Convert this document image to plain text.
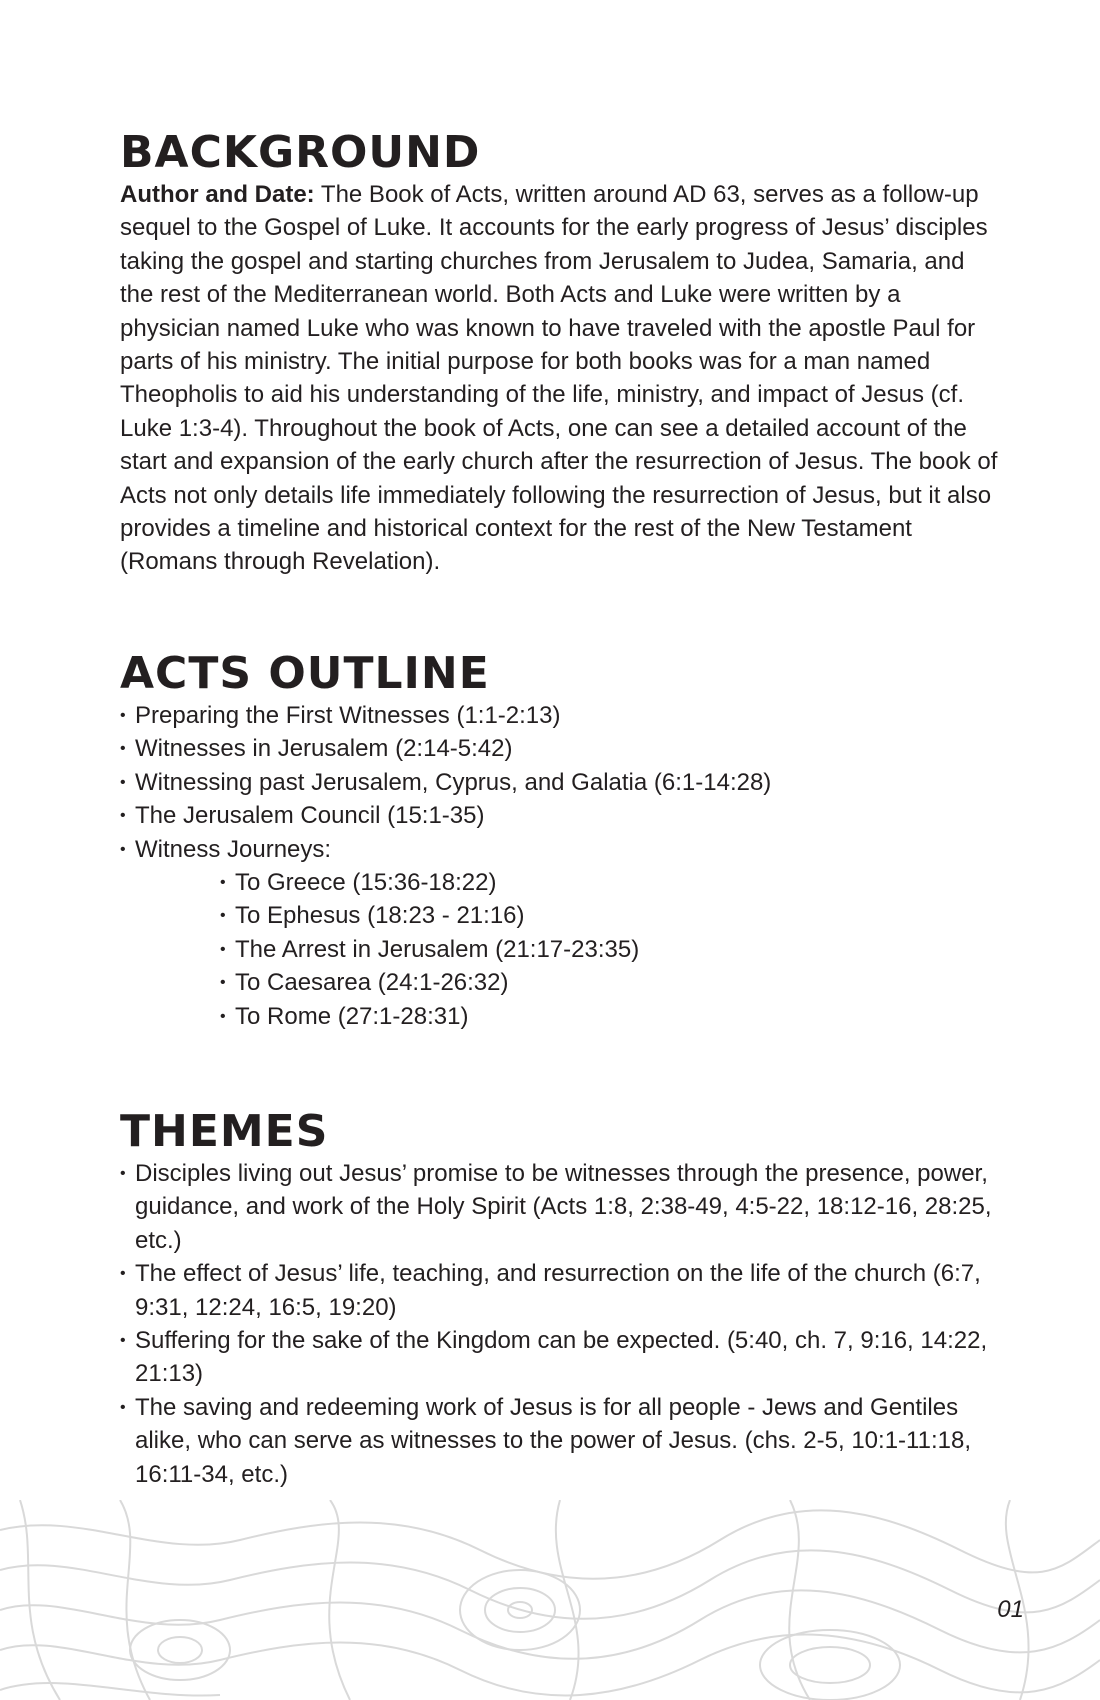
BACKGROUND

Author and Date: The Book of Acts, written around AD 63, serves as a follow-up sequel to the Gospel of Luke. It accounts for the early progress of Jesus’ disciples taking the gospel and starting churches from Jerusalem to Judea, Samaria, and the rest of the Mediterranean world. Both Acts and Luke were written by a physician named Luke who was known to have traveled with the apostle Paul for parts of his ministry. The initial purpose for both books was for a man named Theopholis to aid his understanding of the life, ministry, and impact of Jesus (cf. Luke 1:3-4). Throughout the book of Acts, one can see a detailed account of the start and expansion of the early church after the resurrection of Jesus. The book of Acts not only details life immediately following the resurrection of Jesus, but it also provides a timeline and historical context for the rest of the New Testament (Romans through Revelation).

ACTS OUTLINE
• Preparing the First Witnesses (1:1-2:13)
• Witnesses in Jerusalem (2:14-5:42)
• Witnessing past Jerusalem, Cyprus, and Galatia (6:1-14:28)
• The Jerusalem Council (15:1-35)
• Witness Journeys:
• To Greece (15:36-18:22)
• To Ephesus (18:23 - 21:16)
• The Arrest in Jerusalem (21:17-23:35)
• To Caesarea (24:1-26:32)
• To Rome (27:1-28:31)
THEMES
• Disciples living out Jesus’ promise to be witnesses through the presence, power, guidance, and work of the Holy Spirit (Acts 1:8, 2:38-49, 4:5-22, 18:12-16, 28:25, etc.)
• The effect of Jesus’ life, teaching, and resurrection on the life of the church (6:7, 9:31, 12:24, 16:5, 19:20)
• Suffering for the sake of the Kingdom can be expected. (5:40, ch. 7, 9:16, 14:22, 21:13)
• The saving and redeeming work of Jesus is for all people - Jews and Gentiles alike, who can serve as witnesses to the power of Jesus. (chs. 2-5, 10:1-11:18, 16:11-34, etc.)
01
